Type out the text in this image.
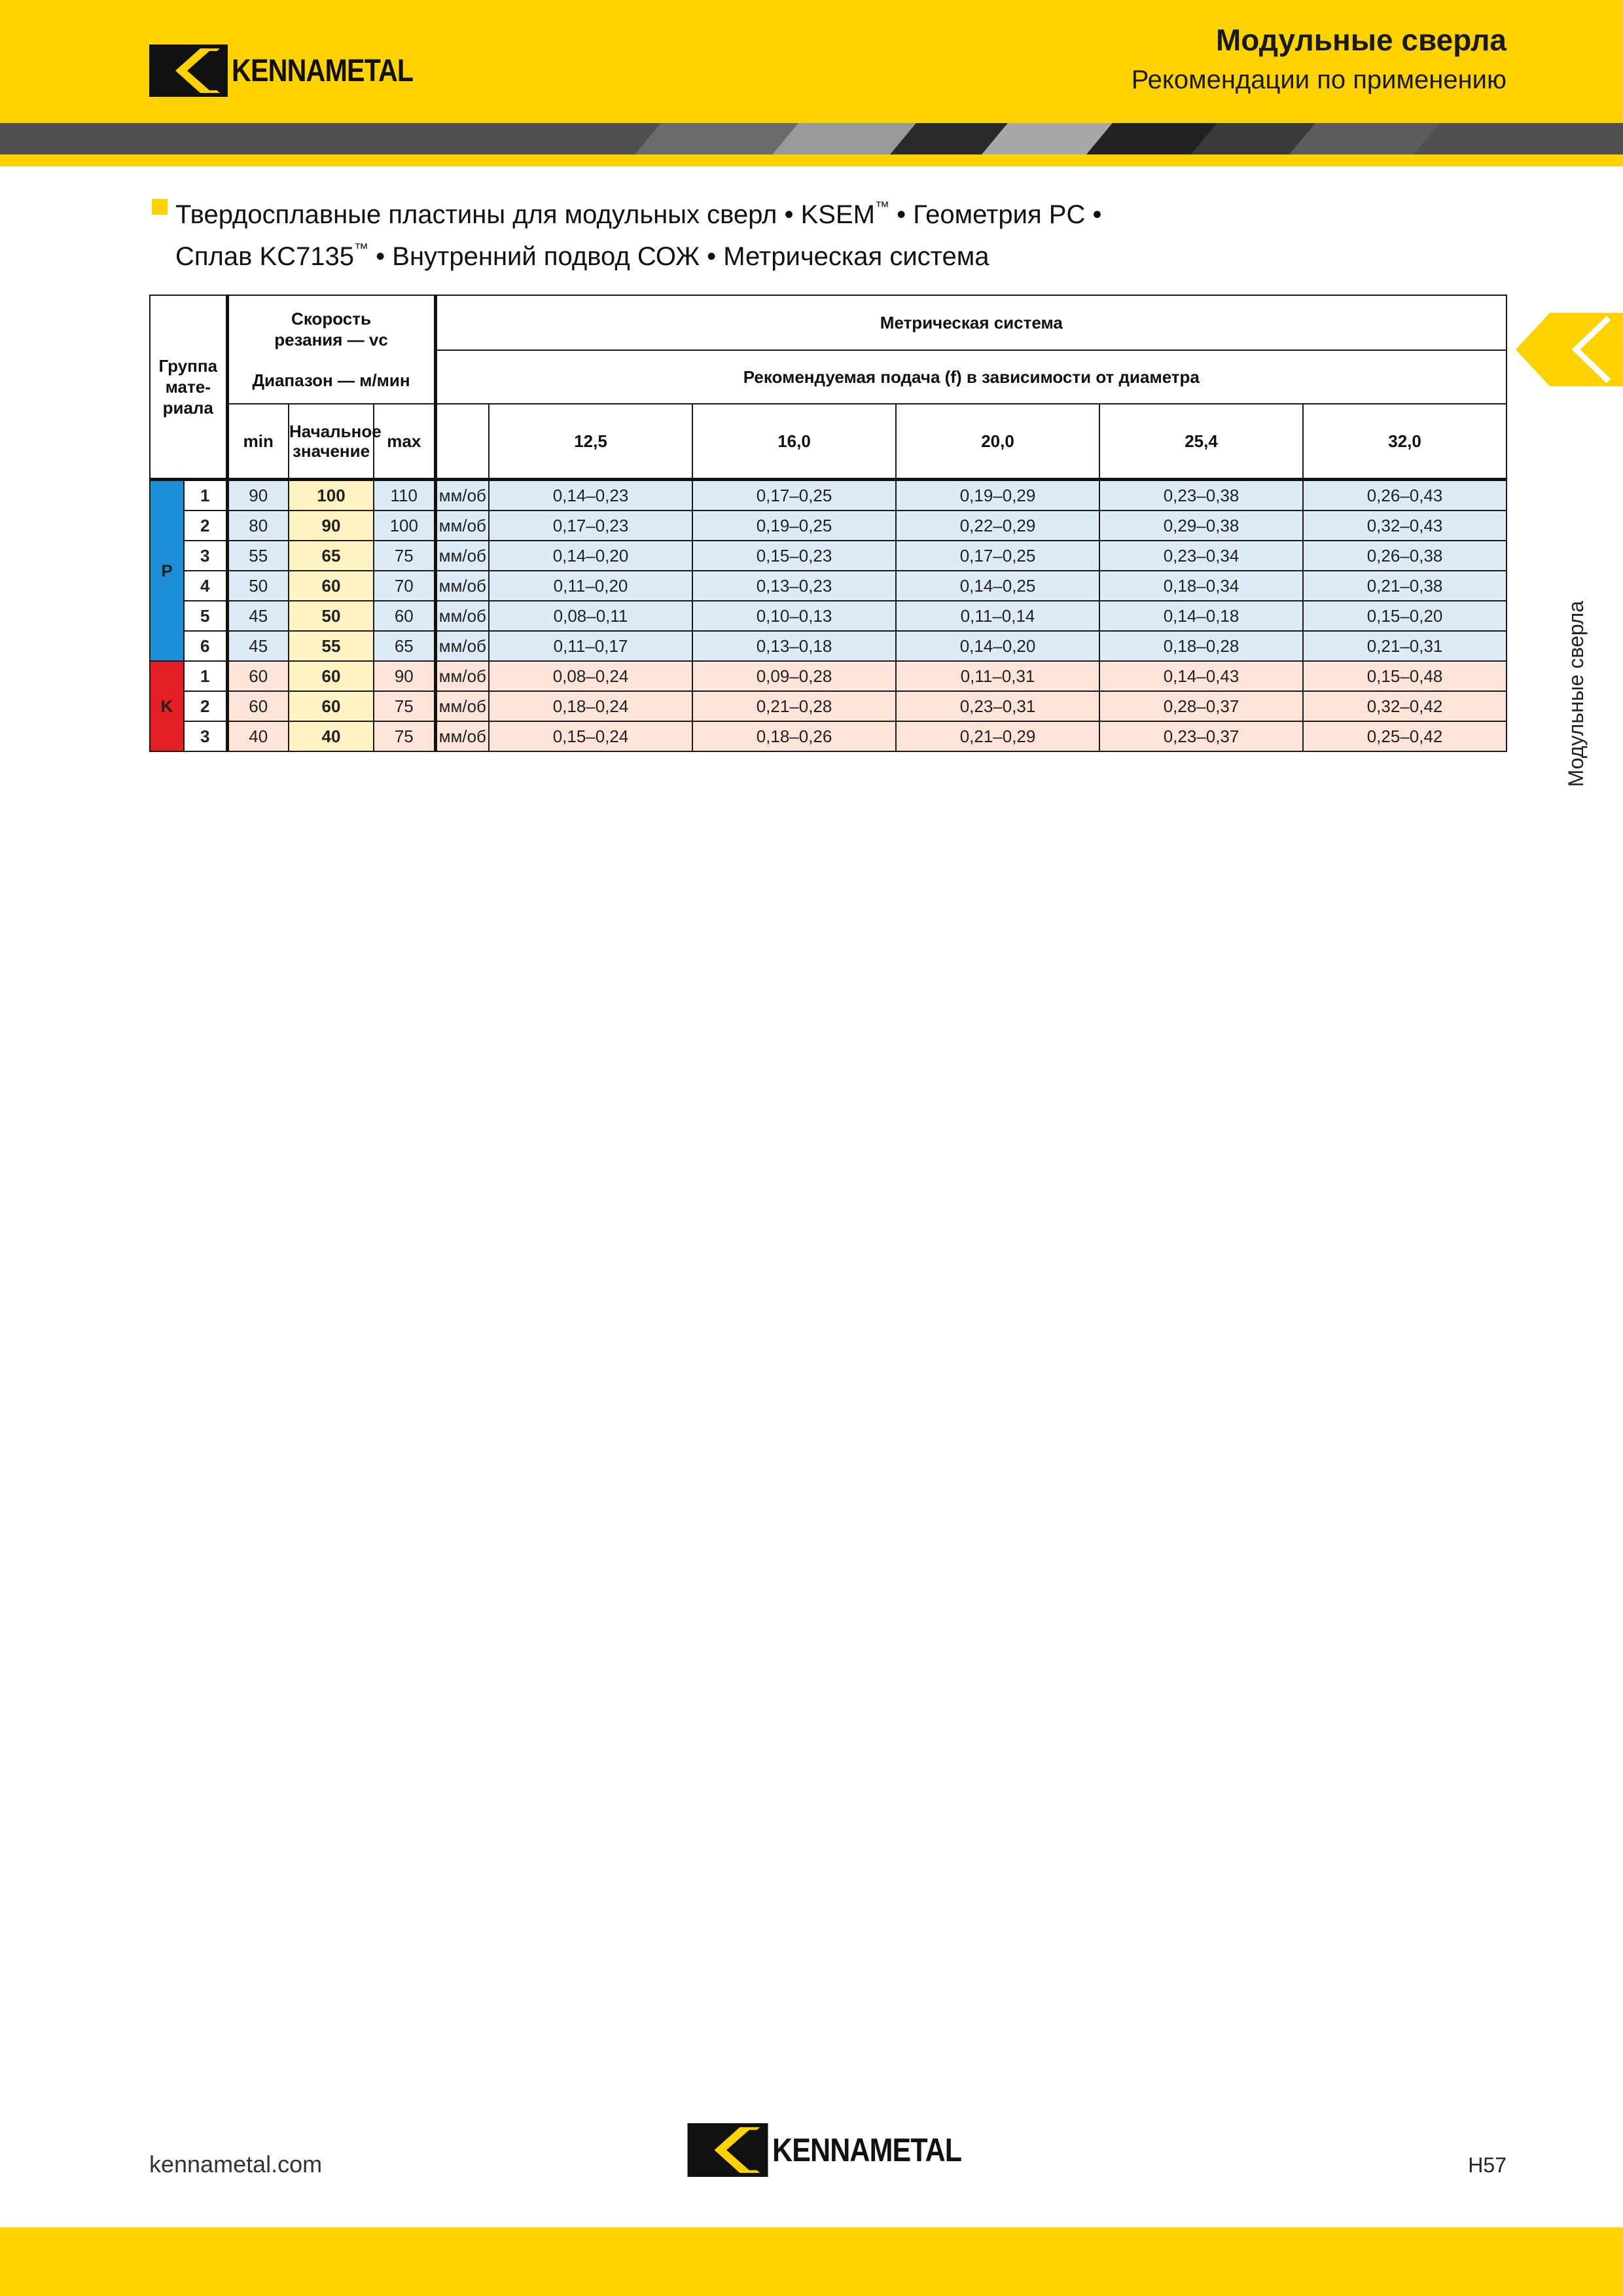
KENNAMETAL
Модульные сверла
Рекомендации по применению
Модульные сверла
Твердосплавные пластины для модульных сверл • KSEM™ • Геометрия PC •
Сплав KC7135™ • Внутренний подвод СОЖ • Метрическая система
Группа мате- риала		Скорость резания — vc
Диапазон — м/мин			Метрическая система					
					Рекомендуемая подача (f) в зависимости от диаметра					
		min	Начальное значение	max		12,5	16,0	20,0	25,4	32,0
P	1	90	100	110	мм/об	0,14–0,23	0,17–0,25	0,19–0,29	0,23–0,38	0,26–0,43
	2	80	90	100	мм/об	0,17–0,23	0,19–0,25	0,22–0,29	0,29–0,38	0,32–0,43
	3	55	65	75	мм/об	0,14–0,20	0,15–0,23	0,17–0,25	0,23–0,34	0,26–0,38
	4	50	60	70	мм/об	0,11–0,20	0,13–0,23	0,14–0,25	0,18–0,34	0,21–0,38
	5	45	50	60	мм/об	0,08–0,11	0,10–0,13	0,11–0,14	0,14–0,18	0,15–0,20
	6	45	55	65	мм/об	0,11–0,17	0,13–0,18	0,14–0,20	0,18–0,28	0,21–0,31
K	1	60	60	90	мм/об	0,08–0,24	0,09–0,28	0,11–0,31	0,14–0,43	0,15–0,48
	2	60	60	75	мм/об	0,18–0,24	0,21–0,28	0,23–0,31	0,28–0,37	0,32–0,42
	3	40	40	75	мм/об	0,15–0,24	0,18–0,26	0,21–0,29	0,23–0,37	0,25–0,42
kennametal.com	KENNAMETAL	H57
